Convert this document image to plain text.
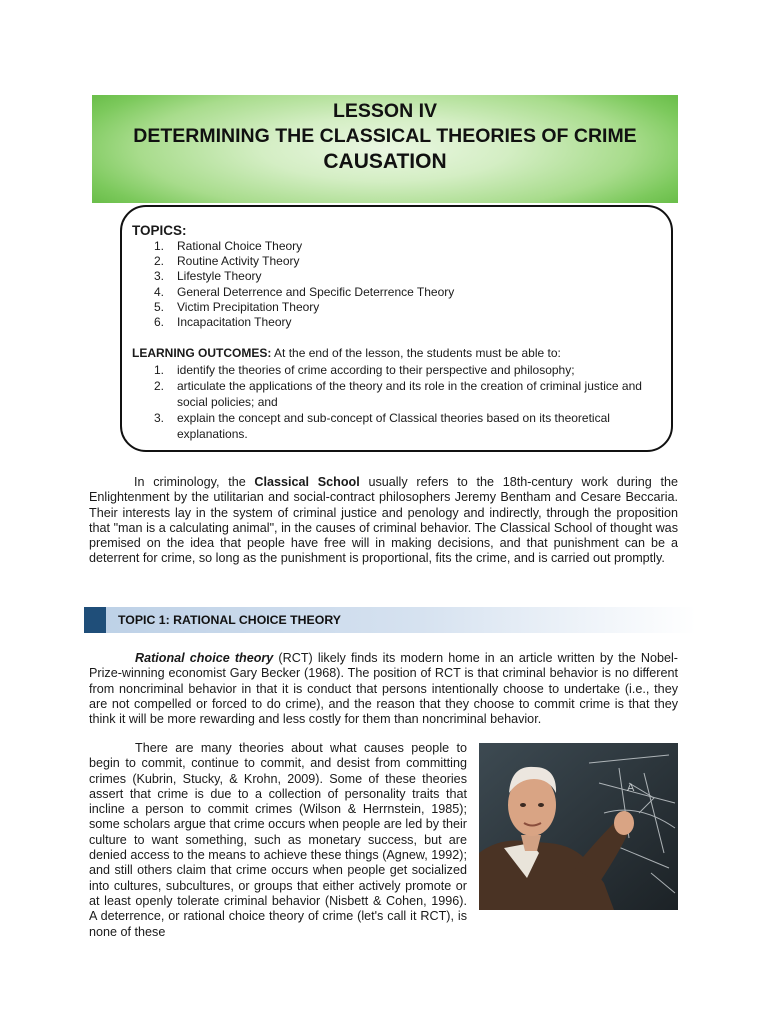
LESSON IV
DETERMINING THE CLASSICAL THEORIES OF CRIME
CAUSATION
TOPICS:
1. Rational Choice Theory
2. Routine Activity Theory
3. Lifestyle Theory
4. General Deterrence and Specific Deterrence Theory
5. Victim Precipitation Theory
6. Incapacitation Theory
LEARNING OUTCOMES: At the end of the lesson, the students must be able to:
1. identify the theories of crime according to their perspective and philosophy;
2. articulate the applications of the theory and its role in the creation of criminal justice and social policies; and
3. explain the concept and sub-concept of Classical theories based on its theoretical explanations.

In criminology, the Classical School usually refers to the 18th-century work during the Enlightenment by the utilitarian and social-contract philosophers Jeremy Bentham and Cesare Beccaria. Their interests lay in the system of criminal justice and penology and indirectly, through the proposition that "man is a calculating animal", in the causes of criminal behavior. The Classical School of thought was premised on the idea that people have free will in making decisions, and that punishment can be a deterrent for crime, so long as the punishment is proportional, fits the crime, and is carried out promptly.

TOPIC 1: RATIONAL CHOICE THEORY

Rational choice theory (RCT) likely finds its modern home in an article written by the Nobel-Prize-winning economist Gary Becker (1968). The position of RCT is that criminal behavior is no different from noncriminal behavior in that it is conduct that persons intentionally choose to undertake (i.e., they are not compelled or forced to do crime), and the reason that they choose to commit crime is that they think it will be more rewarding and less costly for them than noncriminal behavior.

There are many theories about what causes people to begin to commit, continue to commit, and desist from committing crimes (Kubrin, Stucky, & Krohn, 2009). Some of these theories assert that crime is due to a collection of personality traits that incline a person to commit crimes (Wilson & Herrnstein, 1985); some scholars argue that crime occurs when people are led by their culture to want something, such as monetary success, but are denied access to the means to achieve these things (Agnew, 1992); and still others claim that crime occurs when people get socialized into cultures, subcultures, or groups that either actively promote or at least openly tolerate criminal behavior (Nisbett & Cohen, 1996). A deterrence, or rational choice theory of crime (let's call it RCT), is none of these

A
